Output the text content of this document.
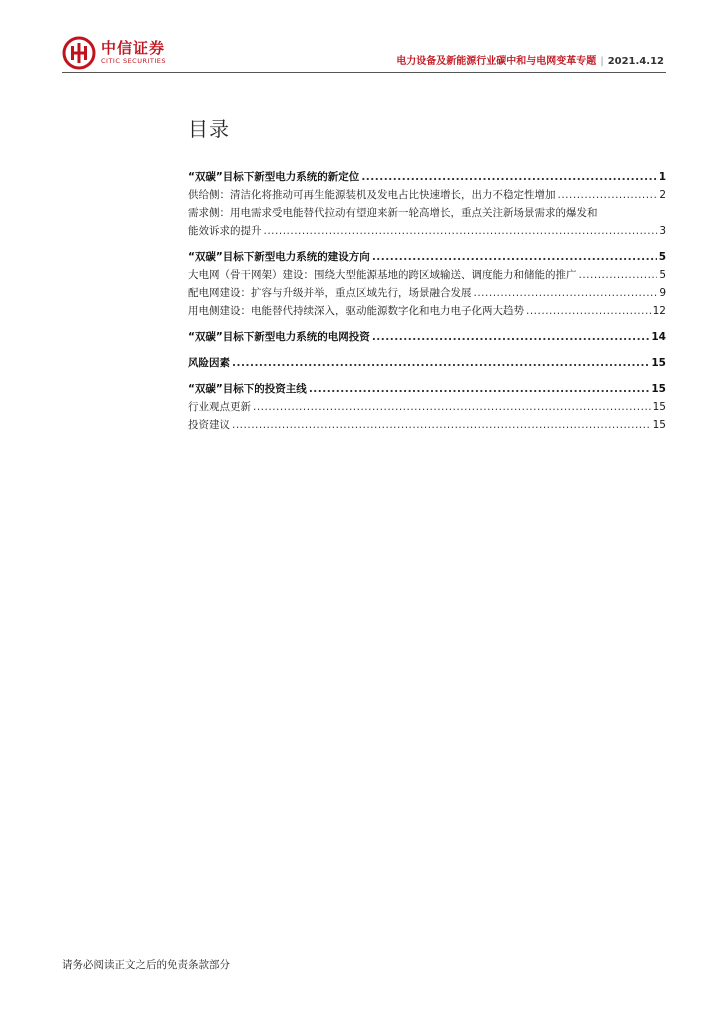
中信证券
CITIC SECURITIES	电力设备及新能源行业碳中和与电网变革专题 | 2021.4.12
目录
“双碳”目标下新型电力系统的新定位 .....	1
供给侧：清洁化将推动可再生能源装机及发电占比快速增长，出力不稳定性增加 .....	2
需求侧：用电需求受电能替代拉动有望迎来新一轮高增长，重点关注新场景需求的爆发和
能效诉求的提升 .....	3
“双碳”目标下新型电力系统的建设方向 .....	5
大电网（骨干网架）建设：围绕大型能源基地的跨区域输送、调度能力和储能的推广 .....	5
配电网建设：扩容与升级并举，重点区域先行，场景融合发展 .....	9
用电侧建设：电能替代持续深入，驱动能源数字化和电力电子化两大趋势 .....	12
“双碳”目标下新型电力系统的电网投资 .....	14
风险因素 .....	15
“双碳”目标下的投资主线 .....	15
行业观点更新 .....	15
投资建议 .....	15
请务必阅读正文之后的免责条款部分
